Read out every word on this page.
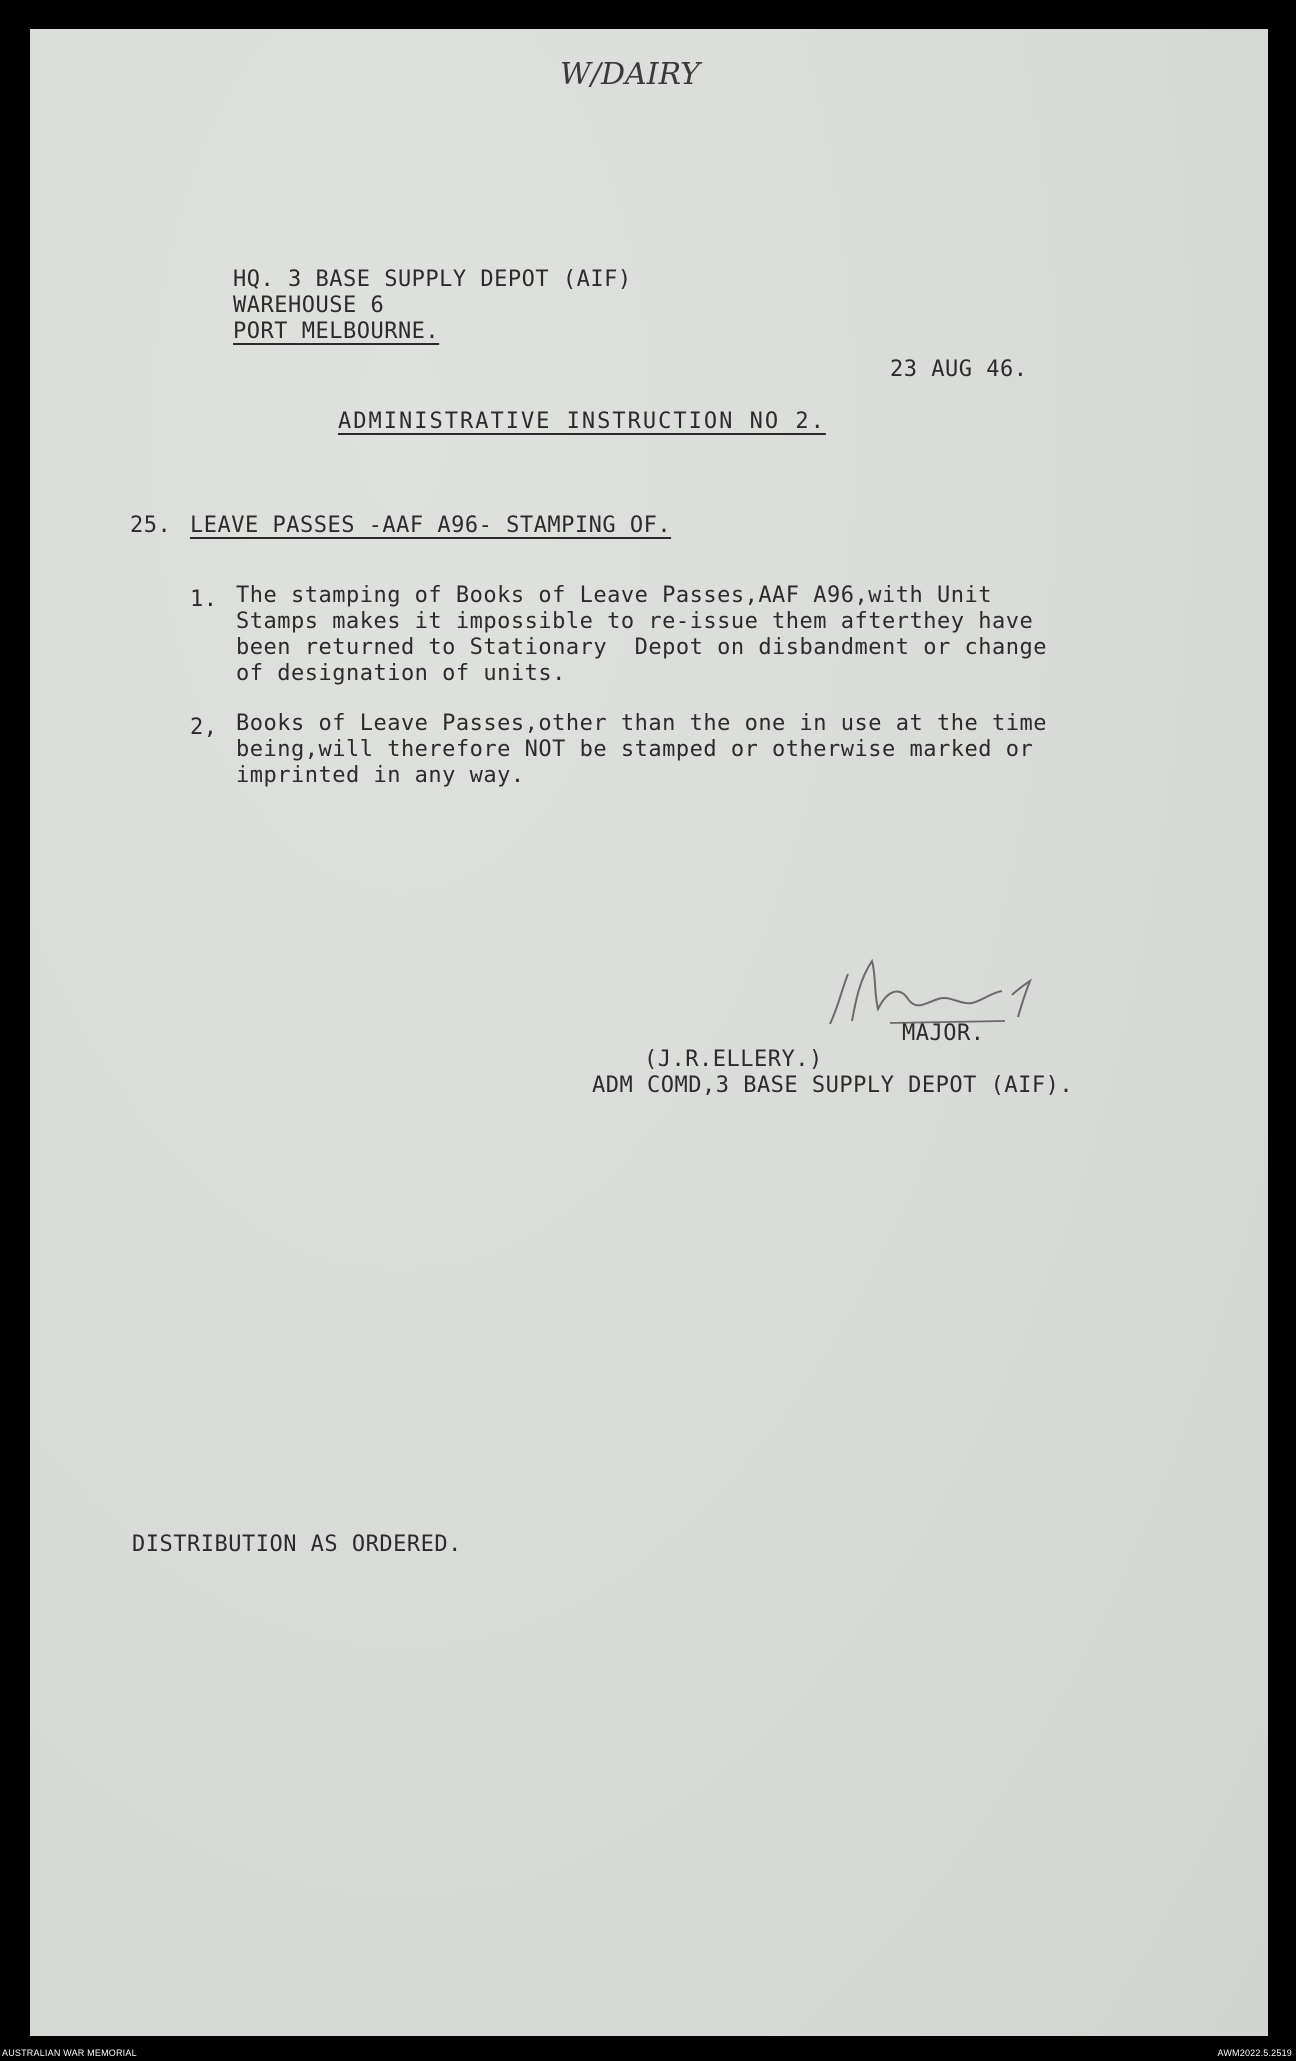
W/DAIRY
HQ. 3 BASE SUPPLY DEPOT (AIF)
WAREHOUSE 6
PORT MELBOURNE.
23 AUG 46.
ADMINISTRATIVE INSTRUCTION NO 2.
25. LEAVE PASSES -AAF A96- STAMPING OF.
1. The stamping of Books of Leave Passes,AAF A96,with Unit
Stamps makes it impossible to re-issue them afterthey have
been returned to Stationary  Depot on disbandment or change
of designation of units.
2, Books of Leave Passes,other than the one in use at the time
being,will therefore NOT be stamped or otherwise marked or
imprinted in any way.
MAJOR.
(J.R.ELLERY.)
ADM COMD,3 BASE SUPPLY DEPOT (AIF).
DISTRIBUTION AS ORDERED.
AUSTRALIAN WAR MEMORIAL	AWM2022.5.2519
